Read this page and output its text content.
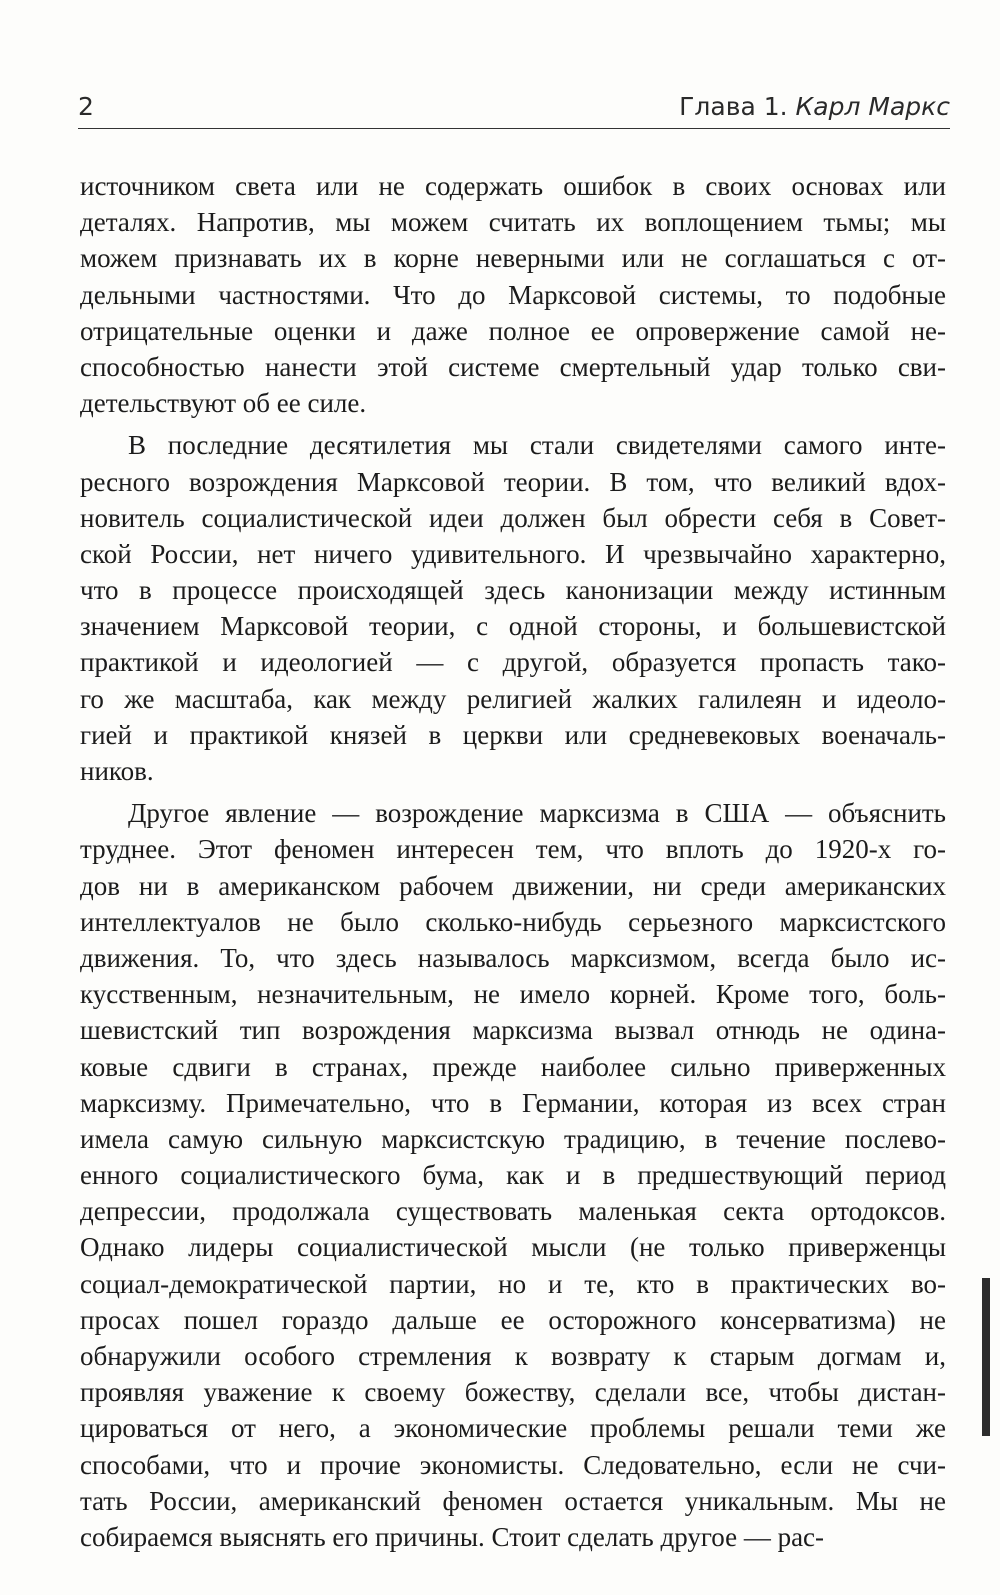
2	Глава 1. Карл Маркс
источником света или не содержать ошибок в своих основах или
деталях. Напротив, мы можем считать их воплощением тьмы; мы
можем признавать их в корне неверными или не соглашаться с от-
дельными частностями. Что до Марксовой системы, то подобные
отрицательные оценки и даже полное ее опровержение самой не-
способностью нанести этой системе смертельный удар только сви-
детельствуют об ее силе.
В последние десятилетия мы стали свидетелями самого инте-
ресного возрождения Марксовой теории. В том, что великий вдох-
новитель социалистической идеи должен был обрести себя в Совет-
ской России, нет ничего удивительного. И чрезвычайно характерно,
что в процессе происходящей здесь канонизации между истинным
значением Марксовой теории, с одной стороны, и большевистской
практикой и идеологией — с другой, образуется пропасть тако-
го же масштаба, как между религией жалких галилеян и идеоло-
гией и практикой князей в церкви или средневековых военачаль-
ников.
Другое явление — возрождение марксизма в США — объяснить
труднее. Этот феномен интересен тем, что вплоть до 1920-х го-
дов ни в американском рабочем движении, ни среди американских
интеллектуалов не было сколько-нибудь серьезного марксистского
движения. То, что здесь называлось марксизмом, всегда было ис-
кусственным, незначительным, не имело корней. Кроме того, боль-
шевистский тип возрождения марксизма вызвал отнюдь не одина-
ковые сдвиги в странах, прежде наиболее сильно приверженных
марксизму. Примечательно, что в Германии, которая из всех стран
имела самую сильную марксистскую традицию, в течение послево-
енного социалистического бума, как и в предшествующий период
депрессии, продолжала существовать маленькая секта ортодоксов.
Однако лидеры социалистической мысли (не только приверженцы
социал-демократической партии, но и те, кто в практических во-
просах пошел гораздо дальше ее осторожного консерватизма) не
обнаружили особого стремления к возврату к старым догмам и,
проявляя уважение к своему божеству, сделали все, чтобы дистан-
цироваться от него, а экономические проблемы решали теми же
способами, что и прочие экономисты. Следовательно, если не счи-
тать России, американский феномен остается уникальным. Мы не
собираемся выяснять его причины. Стоит сделать другое — рас-
